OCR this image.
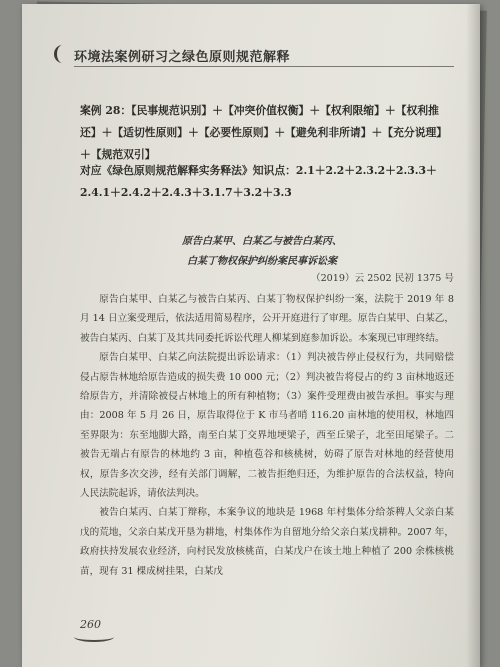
环境法案例研习之绿色原则规范解释
案例 28：【民事规范识别】＋【冲突价值权衡】＋【权利限缩】＋【权利推还】＋【适切性原则】＋【必要性原则】＋【避免利非所请】＋【充分说理】＋【规范双引】
对应《绿色原则规范解释实务释法》知识点：2.1＋2.2＋2.3.2＋2.3.3＋2.4.1＋2.4.2＋2.4.3＋3.1.7＋3.2＋3.3
原告白某甲、白某乙与被告白某丙、
白某丁物权保护纠纷案民事诉讼案
（2019）云 2502 民初 1375 号

原告白某甲、白某乙与被告白某丙、白某丁物权保护纠纷一案，法院于 2019 年 8 月 14 日立案受理后，依法适用简易程序，公开开庭进行了审理。原告白某甲、白某乙，被告白某丙、白某丁及其共同委托诉讼代理人柳某到庭参加诉讼。本案现已审理终结。

原告白某甲、白某乙向法院提出诉讼请求：（1）判决被告停止侵权行为，共同赔偿侵占原告林地给原告造成的损失费 10 000 元；（2）判决被告将侵占的约 3 亩林地返还给原告方，并清除被侵占林地上的所有种植物；（3）案件受理费由被告承担。事实与理由：2008 年 5 月 26 日，原告取得位于 K 市马者哨 116.20 亩林地的使用权，林地四至界限为：东至地脚大路，南至白某丁交界地埂梁子，西至丘梁子，北至田尾梁子。二被告无端占有原告的林地约 3 亩，种植苞谷和核桃树，妨碍了原告对林地的经营使用权，原告多次交涉，经有关部门调解，二被告拒绝归还，为维护原告的合法权益，特向人民法院起诉，请依法判决。

被告白某丙、白某丁辩称，本案争议的地块是 1968 年村集体分给茶稗人父亲白某戊的荒地，父亲白某戊开垦为耕地，村集体作为自留地分给父亲白某戊耕种。2007 年，政府扶持发展农业经济，向村民发放核桃苗，白某戊户在该土地上种植了 200 余株核桃苗，现有 31 棵成树挂果，白某戊

260
